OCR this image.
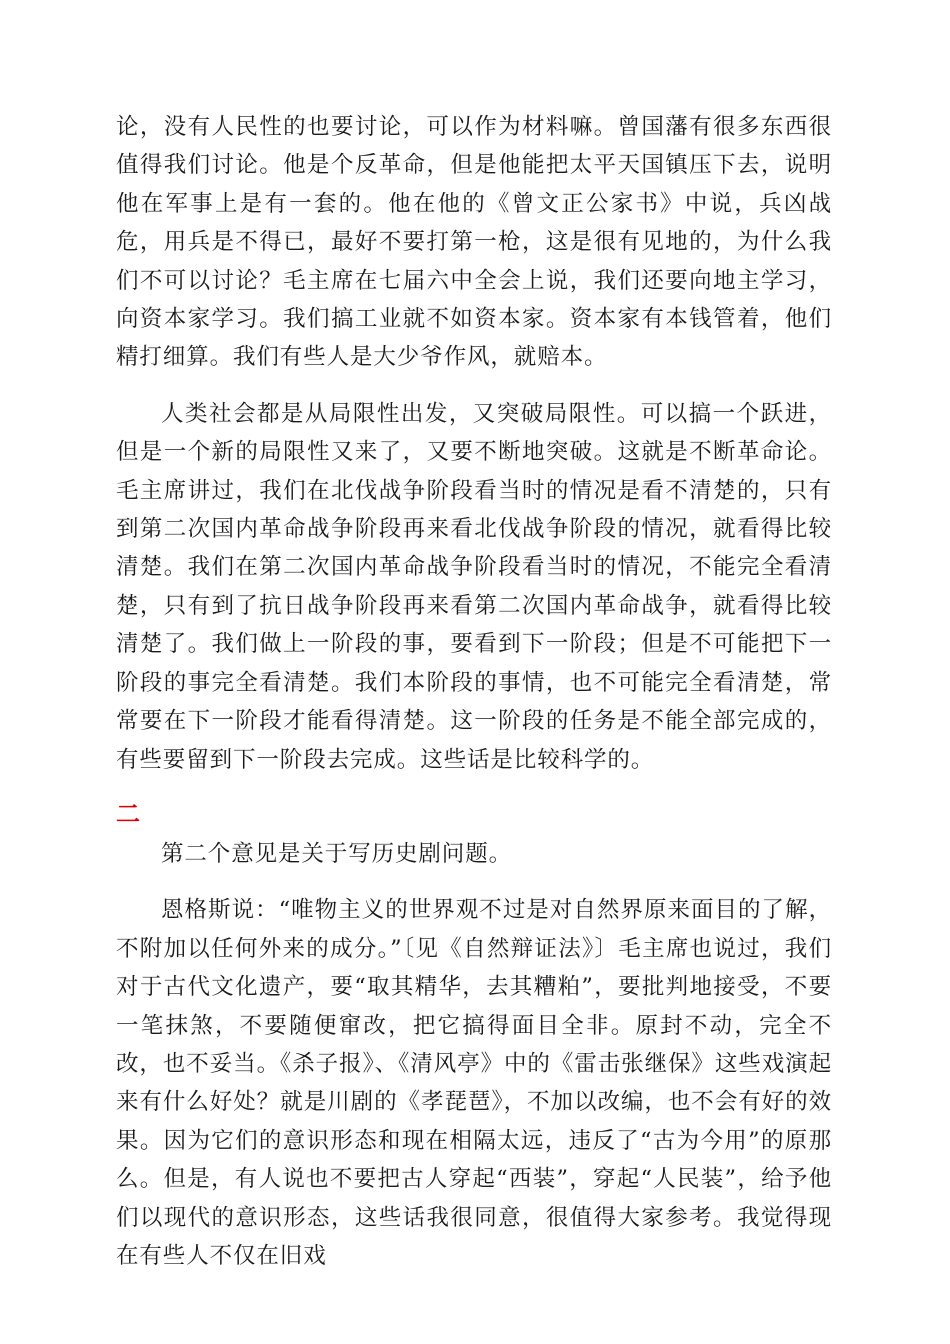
论，没有人民性的也要讨论，可以作为材料嘛。曾国藩有很多东西很值得我们讨论。他是个反革命，但是他能把太平天国镇压下去，说明他在军事上是有一套的。他在他的《曾文正公家书》中说，兵凶战危，用兵是不得已，最好不要打第一枪，这是很有见地的，为什么我们不可以讨论？毛主席在七届六中全会上说，我们还要向地主学习，向资本家学习。我们搞工业就不如资本家。资本家有本钱管着，他们精打细算。我们有些人是大少爷作风，就赔本。

人类社会都是从局限性出发，又突破局限性。可以搞一个跃进，但是一个新的局限性又来了，又要不断地突破。这就是不断革命论。毛主席讲过，我们在北伐战争阶段看当时的情况是看不清楚的，只有到第二次国内革命战争阶段再来看北伐战争阶段的情况，就看得比较清楚。我们在第二次国内革命战争阶段看当时的情况，不能完全看清楚，只有到了抗日战争阶段再来看第二次国内革命战争，就看得比较清楚了。我们做上一阶段的事，要看到下一阶段；但是不可能把下一阶段的事完全看清楚。我们本阶段的事情，也不可能完全看清楚，常常要在下一阶段才能看得清楚。这一阶段的任务是不能全部完成的，有些要留到下一阶段去完成。这些话是比较科学的。

二

第二个意见是关于写历史剧问题。

恩格斯说：“唯物主义的世界观不过是对自然界原来面目的了解，不附加以任何外来的成分。”〔见《自然辩证法》〕毛主席也说过，我们对于古代文化遗产，要“取其精华，去其糟粕”，要批判地接受，不要一笔抹煞，不要随便窜改，把它搞得面目全非。原封不动，完全不改，也不妥当。《杀子报》、《清风亭》中的《雷击张继保》这些戏演起来有什么好处？就是川剧的《孝琵琶》，不加以改编，也不会有好的效果。因为它们的意识形态和现在相隔太远，违反了“古为今用”的原那么。但是，有人说也不要把古人穿起“西装”，穿起“人民装”，给予他们以现代的意识形态，这些话我很同意，很值得大家参考。我觉得现在有些人不仅在旧戏
